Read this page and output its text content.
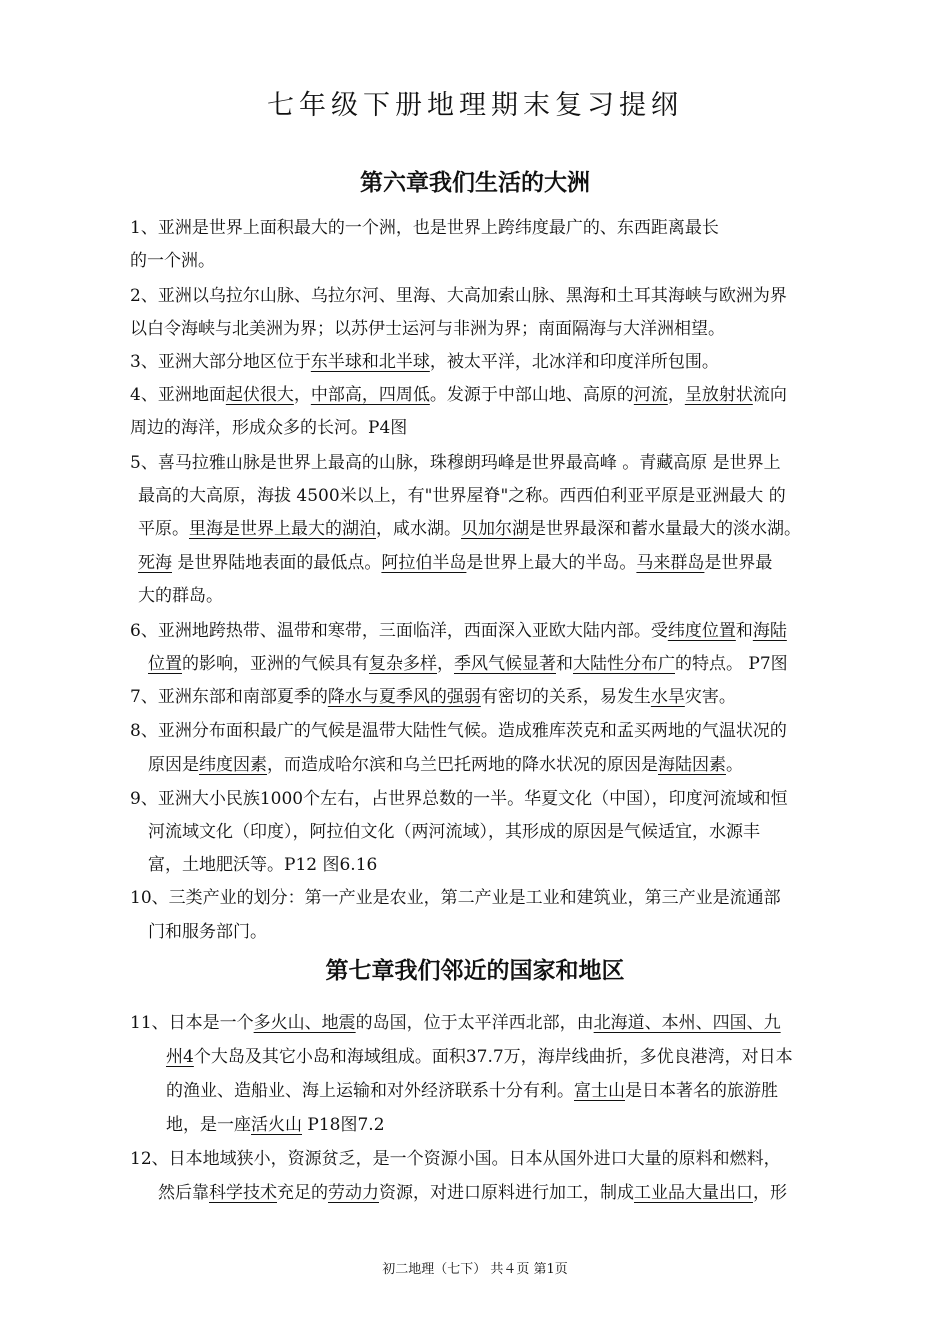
七年级下册地理期末复习提纲
第六章我们生活的大洲
第七章我们邻近的国家和地区
1、亚洲是世界上面积最大的一个洲，也是世界上跨纬度最广的、东西距离最长
的一个洲。
2、亚洲以乌拉尔山脉、乌拉尔河、里海、大高加索山脉、黑海和土耳其海峡与欧洲为界
以白令海峡与北美洲为界；以苏伊士运河与非洲为界；南面隔海与大洋洲相望。
3、亚洲大部分地区位于东半球和北半球，被太平洋，北冰洋和印度洋所包围。
4、亚洲地面起伏很大，中部高，四周低。发源于中部山地、高原的河流，呈放射状流向
周边的海洋，形成众多的长河。P4图
5、喜马拉雅山脉是世界上最高的山脉，珠穆朗玛峰是世界最高峰 。青藏高原 是世界上
最高的大高原，海拔 4500米以上，有"世界屋脊"之称。西西伯利亚平原是亚洲最大 的
平原。里海是世界上最大的湖泊，咸水湖。贝加尔湖是世界最深和蓄水量最大的淡水湖。
死海 是世界陆地表面的最低点。阿拉伯半岛是世界上最大的半岛。马来群岛是世界最
大的群岛。
6、亚洲地跨热带、温带和寒带，三面临洋，西面深入亚欧大陆内部。受纬度位置和海陆
位置的影响，亚洲的气候具有复杂多样，季风气候显著和大陆性分布广的特点。 P7图
7、亚洲东部和南部夏季的降水与夏季风的强弱有密切的关系，易发生水旱灾害。
8、亚洲分布面积最广的气候是温带大陆性气候。造成雅库茨克和孟买两地的气温状况的
原因是纬度因素，而造成哈尔滨和乌兰巴托两地的降水状况的原因是海陆因素。
9、亚洲大小民族1000个左右，占世界总数的一半。华夏文化（中国），印度河流域和恒
河流域文化（印度），阿拉伯文化（两河流域），其形成的原因是气候适宜，水源丰
富，土地肥沃等。P12 图6.16
10、三类产业的划分：第一产业是农业，第二产业是工业和建筑业，第三产业是流通部
门和服务部门。
11、日本是一个多火山、地震的岛国，位于太平洋西北部，由北海道、本州、四国、九
州4个大岛及其它小岛和海域组成。面积37.7万，海岸线曲折，多优良港湾，对日本
的渔业、造船业、海上运输和对外经济联系十分有利。富士山是日本著名的旅游胜
地，是一座活火山 P18图7.2
12、日本地域狭小，资源贫乏，是一个资源小国。日本从国外进口大量的原料和燃料，
然后靠科学技术充足的劳动力资源，对进口原料进行加工，制成工业品大量出口，形
初二地理（七下） 共４页 第1页
